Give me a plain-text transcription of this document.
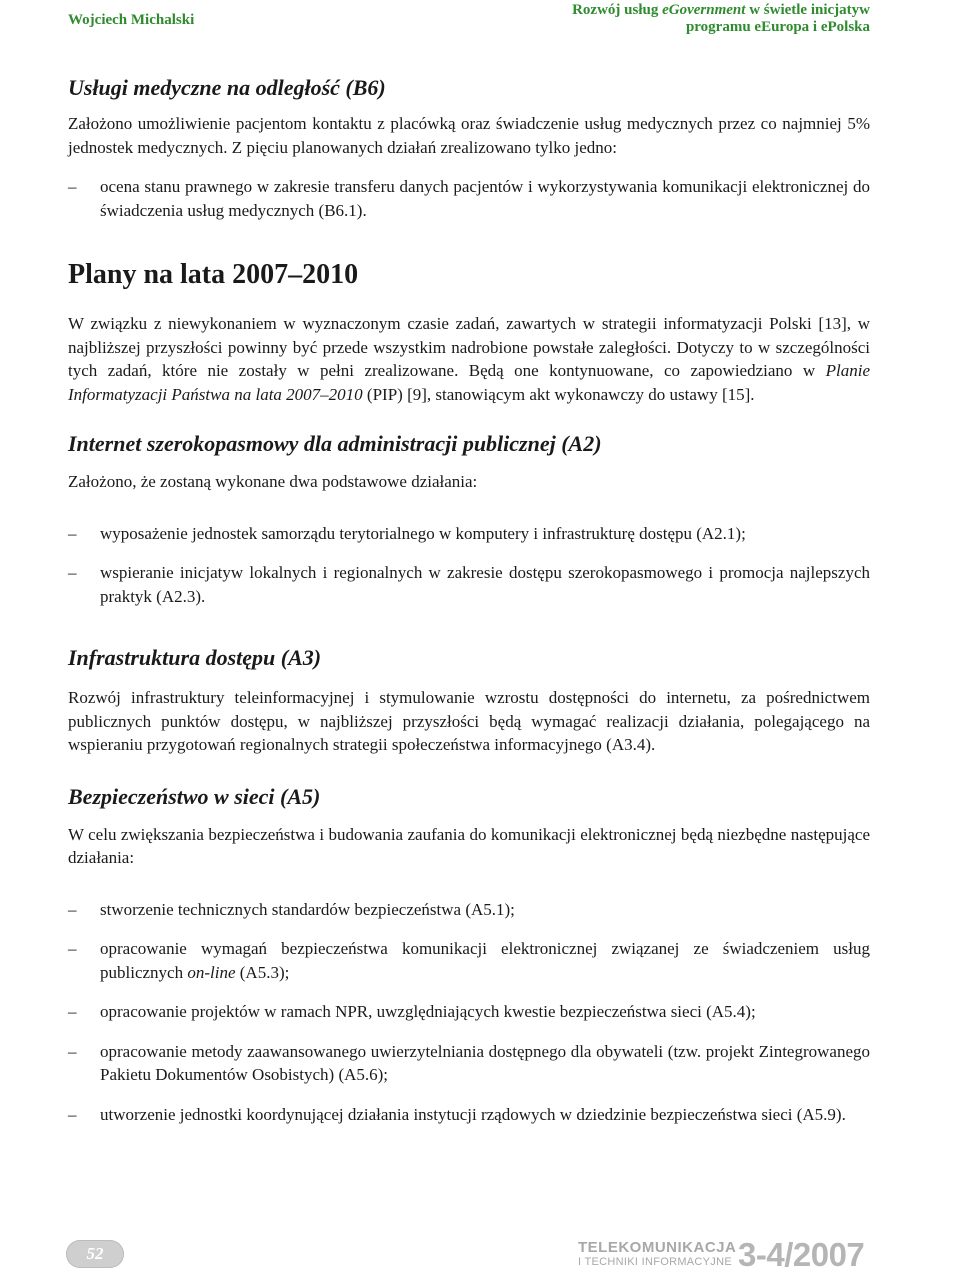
Wojciech Michalski
Rozwój usług eGovernment w świetle inicjatyw
programu eEuropa i ePolska
Usługi medyczne na odległość (B6)

Założono umożliwienie pacjentom kontaktu z placówką oraz świadczenie usług medycznych przez co najmniej 5% jednostek medycznych. Z pięciu planowanych działań zrealizowano tylko jedno:

– ocena stanu prawnego w zakresie transferu danych pacjentów i wykorzystywania komunikacji elektronicznej do świadczenia usług medycznych (B6.1).
Plany na lata 2007–2010

W związku z niewykonaniem w wyznaczonym czasie zadań, zawartych w strategii informatyzacji Polski [13], w najbliższej przyszłości powinny być przede wszystkim nadrobione powstałe zaległości. Dotyczy to w szczególności tych zadań, które nie zostały w pełni zrealizowane. Będą one kontynuowane, co zapowiedziano w Planie Informatyzacji Państwa na lata 2007–2010 (PIP) [9], stanowiącym akt wykonawczy do ustawy [15].

Internet szerokopasmowy dla administracji publicznej (A2)

Założono, że zostaną wykonane dwa podstawowe działania:

– wyposażenie jednostek samorządu terytorialnego w komputery i infrastrukturę dostępu (A2.1);
– wspieranie inicjatyw lokalnych i regionalnych w zakresie dostępu szerokopasmowego i promocja najlepszych praktyk (A2.3).
Infrastruktura dostępu (A3)

Rozwój infrastruktury teleinformacyjnej i stymulowanie wzrostu dostępności do internetu, za pośrednictwem publicznych punktów dostępu, w najbliższej przyszłości będą wymagać realizacji działania, polegającego na wspieraniu przygotowań regionalnych strategii społeczeństwa informacyjnego (A3.4).

Bezpieczeństwo w sieci (A5)

W celu zwiększania bezpieczeństwa i budowania zaufania do komunikacji elektronicznej będą niezbędne następujące działania:

– stworzenie technicznych standardów bezpieczeństwa (A5.1);
– opracowanie wymagań bezpieczeństwa komunikacji elektronicznej związanej ze świadczeniem usług publicznych on-line (A5.3);
– opracowanie projektów w ramach NPR, uwzględniających kwestie bezpieczeństwa sieci (A5.4);
– opracowanie metody zaawansowanego uwierzytelniania dostępnego dla obywateli (tzw. projekt Zintegrowanego Pakietu Dokumentów Osobistych) (A5.6);
– utworzenie jednostki koordynującej działania instytucji rządowych w dziedzinie bezpieczeństwa sieci (A5.9).
52	TELEKOMUNIKACJA
I TECHNIKI INFORMACYJNE 3-4/2007
